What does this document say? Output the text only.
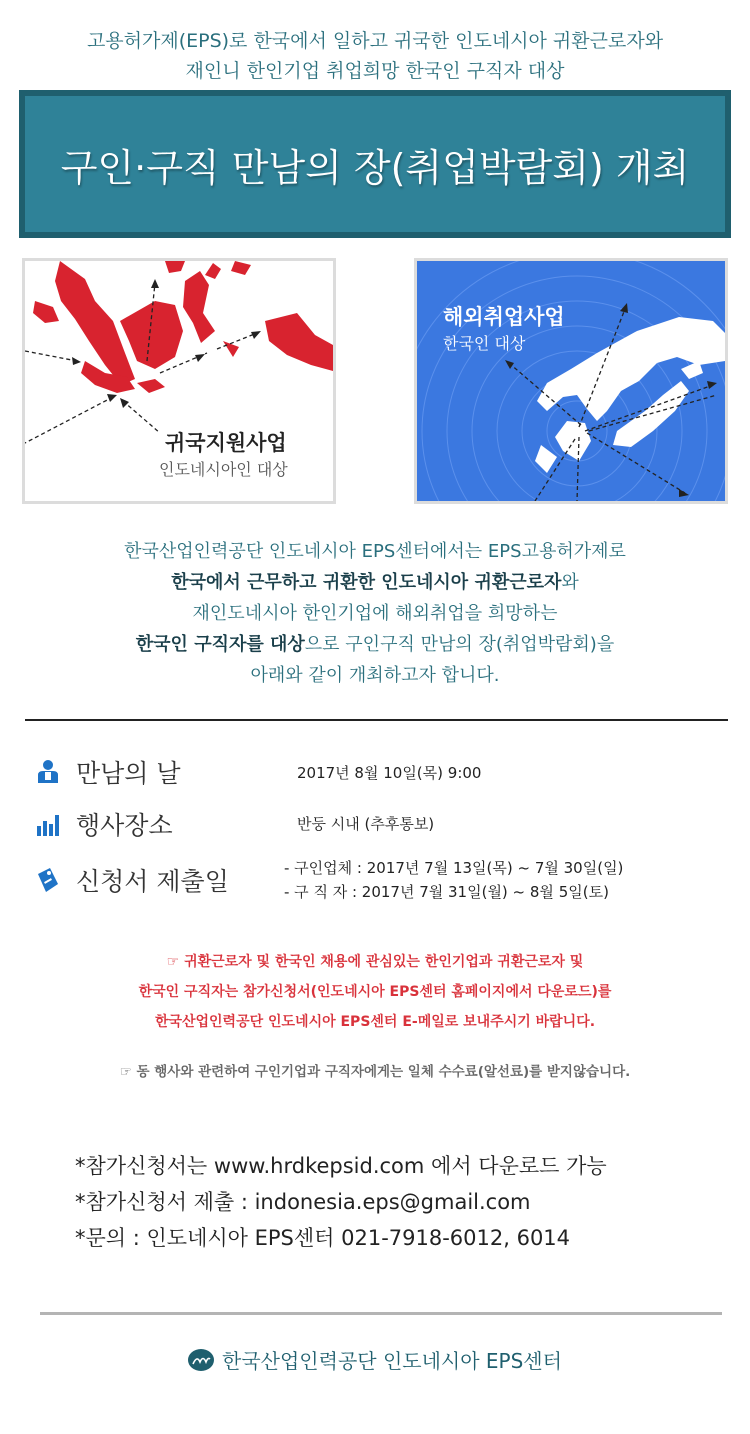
고용허가제(EPS)로 한국에서 일하고 귀국한 인도네시아 귀환근로자와
재인니 한인기업 취업희망 한국인 구직자 대상
구인·구직 만남의 장(취업박람회) 개최
귀국지원사업
인도네시아인 대상
해외취업사업
한국인 대상
한국산업인력공단 인도네시아 EPS센터에서는 EPS고용허가제로
한국에서 근무하고 귀환한 인도네시아 귀환근로자와
재인도네시아 한인기업에 해외취업을 희망하는
한국인 구직자를 대상으로 구인구직 만남의 장(취업박람회)을
아래와 같이 개최하고자 합니다.
만남의 날	2017년 8월 10일(목) 9:00
행사장소	반둥 시내 (추후통보)
신청서 제출일	- 구인업체 : 2017년 7월 13일(목) ~ 7월 30일(일)
- 구 직 자 : 2017년 7월 31일(월) ~ 8월 5일(토)
☞ 귀환근로자 및 한국인 채용에 관심있는 한인기업과 귀환근로자 및
한국인 구직자는 참가신청서(인도네시아 EPS센터 홈페이지에서 다운로드)를
한국산업인력공단 인도네시아 EPS센터 E-메일로 보내주시기 바랍니다.
☞ 동 행사와 관련하여 구인기업과 구직자에게는 일체 수수료(알선료)를 받지않습니다.
*참가신청서는 www.hrdkepsid.com 에서 다운로드 가능
*참가신청서 제출 : indonesia.eps@gmail.com
*문의 : 인도네시아 EPS센터 021-7918-6012, 6014
한국산업인력공단 인도네시아 EPS센터
